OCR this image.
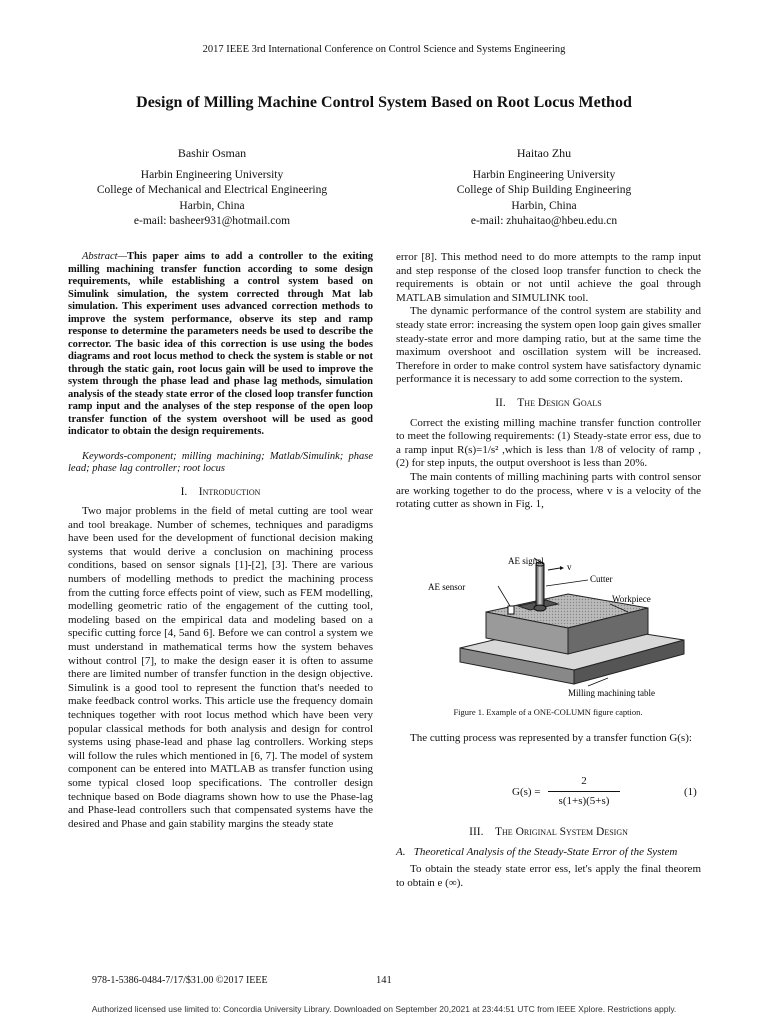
2017 IEEE 3rd International Conference on Control Science and Systems Engineering
Design of Milling Machine Control System Based on Root Locus Method
Bashir Osman
Harbin Engineering University
College of Mechanical and Electrical Engineering
Harbin, China
e-mail: basheer931@hotmail.com
Haitao Zhu
Harbin Engineering University
College of Ship Building Engineering
Harbin, China
e-mail: zhuhaitao@hbeu.edu.cn

Abstract—This paper aims to add a controller to the exiting milling machining transfer function according to some design requirements, while establishing a control system based on Simulink simulation, the system corrected through Mat lab simulation. This experiment uses advanced correction methods to improve the system performance, observe its step and ramp response to determine the parameters needs be used to describe the corrector. The basic idea of this correction is use using the bodes diagrams and root locus method to check the system is stable or not through the static gain, root locus gain will be used to improve the system through the phase lead and phase lag methods, simulation analysis of the steady state error of the closed loop transfer function ramp input and the analyses of the step response of the open loop transfer function of the system overshoot will be used as good indicator to obtain the design requirements.

Keywords-component; milling machining; Matlab/Simulink; phase lead; phase lag controller; root locus

I. Introduction

Two major problems in the field of metal cutting are tool wear and tool breakage. Number of schemes, techniques and paradigms have been used for the development of functional decision making systems that would derive a conclusion on machining process conditions, based on sensor signals [1]-[2], [3]. There are various numbers of modelling methods to predict the machining process from the cutting force effects point of view, such as FEM modelling, modelling geometric ratio of the engagement of the cutting tool, modeling based on the empirical data and modeling based on a specific cutting force [4, 5and 6]. Before we can control a system we must understand in mathematical terms how the system behaves without control [7], to make the design easer it is often to assume there are limited number of transfer function in the design objective. Simulink is a good tool to represent the function that's needed to make feedback control works. This article use the frequency domain techniques together with root locus method which have been very popular classical methods for both analysis and design for control systems using phase-lead and phase lag controllers. Working steps will follow the rules which mentioned in [6, 7]. The model of system component can be entered into MATLAB as transfer function using some typical closed loop specifications. The controller design technique based on Bode diagrams shown how to use the Phase-lag and Phase-lead controllers such that compensated systems have the desired and Phase and gain stability margins the steady state

error [8]. This method need to do more attempts to the ramp input and step response of the closed loop transfer function to check the requirements is obtain or not until achieve the goal through MATLAB simulation and SIMULINK tool.

The dynamic performance of the control system are stability and steady state error: increasing the system open loop gain gives smaller steady-state error and more damping ratio, but at the same time the maximum overshoot and oscillation system will be increased. Therefore in order to make control system have satisfactory dynamic performance it is necessary to add some correction to the system.

II. The Design Goals

Correct the existing milling machine transfer function controller to meet the following requirements: (1) Steady-state error ess, due to a ramp input R(s)=1/s² ,which is less than 1/8 of velocity of ramp , (2) for step inputs, the output overshoot is less than 20%.

The main contents of milling machining parts with control sensor are working together to do the process, where v is a velocity of the rotating cutter as shown in Fig. 1,

AE signal
v
Cutter
AE sensor
Workpiece
Milling machining table
Figure 1. Example of a ONE-COLUMN figure caption.

The cutting process was represented by a transfer function G(s):

G(s) =
2
s(1+s)(5+s)
(1)

III. The Original System Design

A. Theoretical Analysis of the Steady-State Error of the System

To obtain the steady state error ess, let's apply the final theorem to obtain e (∞).

978-1-5386-0484-7/17/$31.00 ©2017 IEEE	141
Authorized licensed use limited to: Concordia University Library. Downloaded on September 20,2021 at 23:44:51 UTC from IEEE Xplore. Restrictions apply.
